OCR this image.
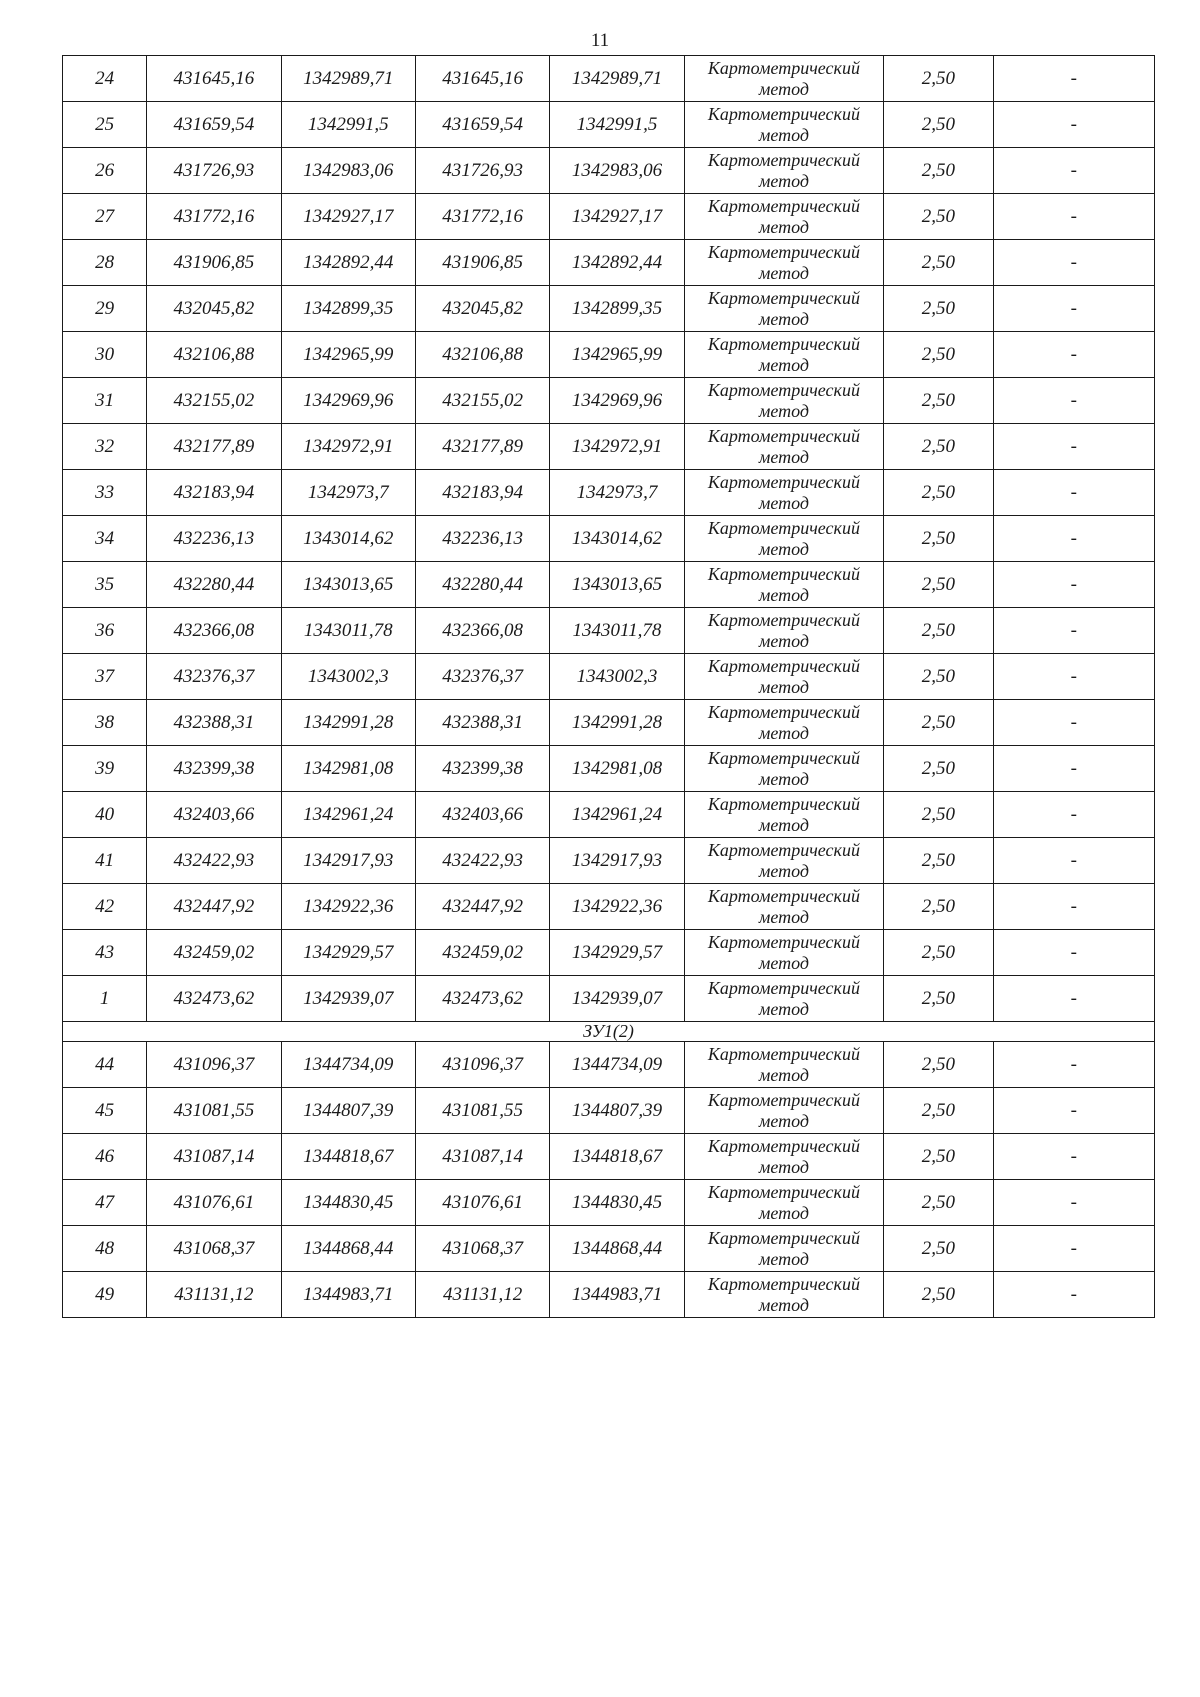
11
24	431645,16	1342989,71	431645,16	1342989,71	Картометрический
метод	2,50	-
25	431659,54	1342991,5	431659,54	1342991,5	Картометрический
метод	2,50	-
26	431726,93	1342983,06	431726,93	1342983,06	Картометрический
метод	2,50	-
27	431772,16	1342927,17	431772,16	1342927,17	Картометрический
метод	2,50	-
28	431906,85	1342892,44	431906,85	1342892,44	Картометрический
метод	2,50	-
29	432045,82	1342899,35	432045,82	1342899,35	Картометрический
метод	2,50	-
30	432106,88	1342965,99	432106,88	1342965,99	Картометрический
метод	2,50	-
31	432155,02	1342969,96	432155,02	1342969,96	Картометрический
метод	2,50	-
32	432177,89	1342972,91	432177,89	1342972,91	Картометрический
метод	2,50	-
33	432183,94	1342973,7	432183,94	1342973,7	Картометрический
метод	2,50	-
34	432236,13	1343014,62	432236,13	1343014,62	Картометрический
метод	2,50	-
35	432280,44	1343013,65	432280,44	1343013,65	Картометрический
метод	2,50	-
36	432366,08	1343011,78	432366,08	1343011,78	Картометрический
метод	2,50	-
37	432376,37	1343002,3	432376,37	1343002,3	Картометрический
метод	2,50	-
38	432388,31	1342991,28	432388,31	1342991,28	Картометрический
метод	2,50	-
39	432399,38	1342981,08	432399,38	1342981,08	Картометрический
метод	2,50	-
40	432403,66	1342961,24	432403,66	1342961,24	Картометрический
метод	2,50	-
41	432422,93	1342917,93	432422,93	1342917,93	Картометрический
метод	2,50	-
42	432447,92	1342922,36	432447,92	1342922,36	Картометрический
метод	2,50	-
43	432459,02	1342929,57	432459,02	1342929,57	Картометрический
метод	2,50	-
1	432473,62	1342939,07	432473,62	1342939,07	Картометрический
метод	2,50	-
ЗУ1(2)							
44	431096,37	1344734,09	431096,37	1344734,09	Картометрический
метод	2,50	-
45	431081,55	1344807,39	431081,55	1344807,39	Картометрический
метод	2,50	-
46	431087,14	1344818,67	431087,14	1344818,67	Картометрический
метод	2,50	-
47	431076,61	1344830,45	431076,61	1344830,45	Картометрический
метод	2,50	-
48	431068,37	1344868,44	431068,37	1344868,44	Картометрический
метод	2,50	-
49	431131,12	1344983,71	431131,12	1344983,71	Картометрический
метод	2,50	-
